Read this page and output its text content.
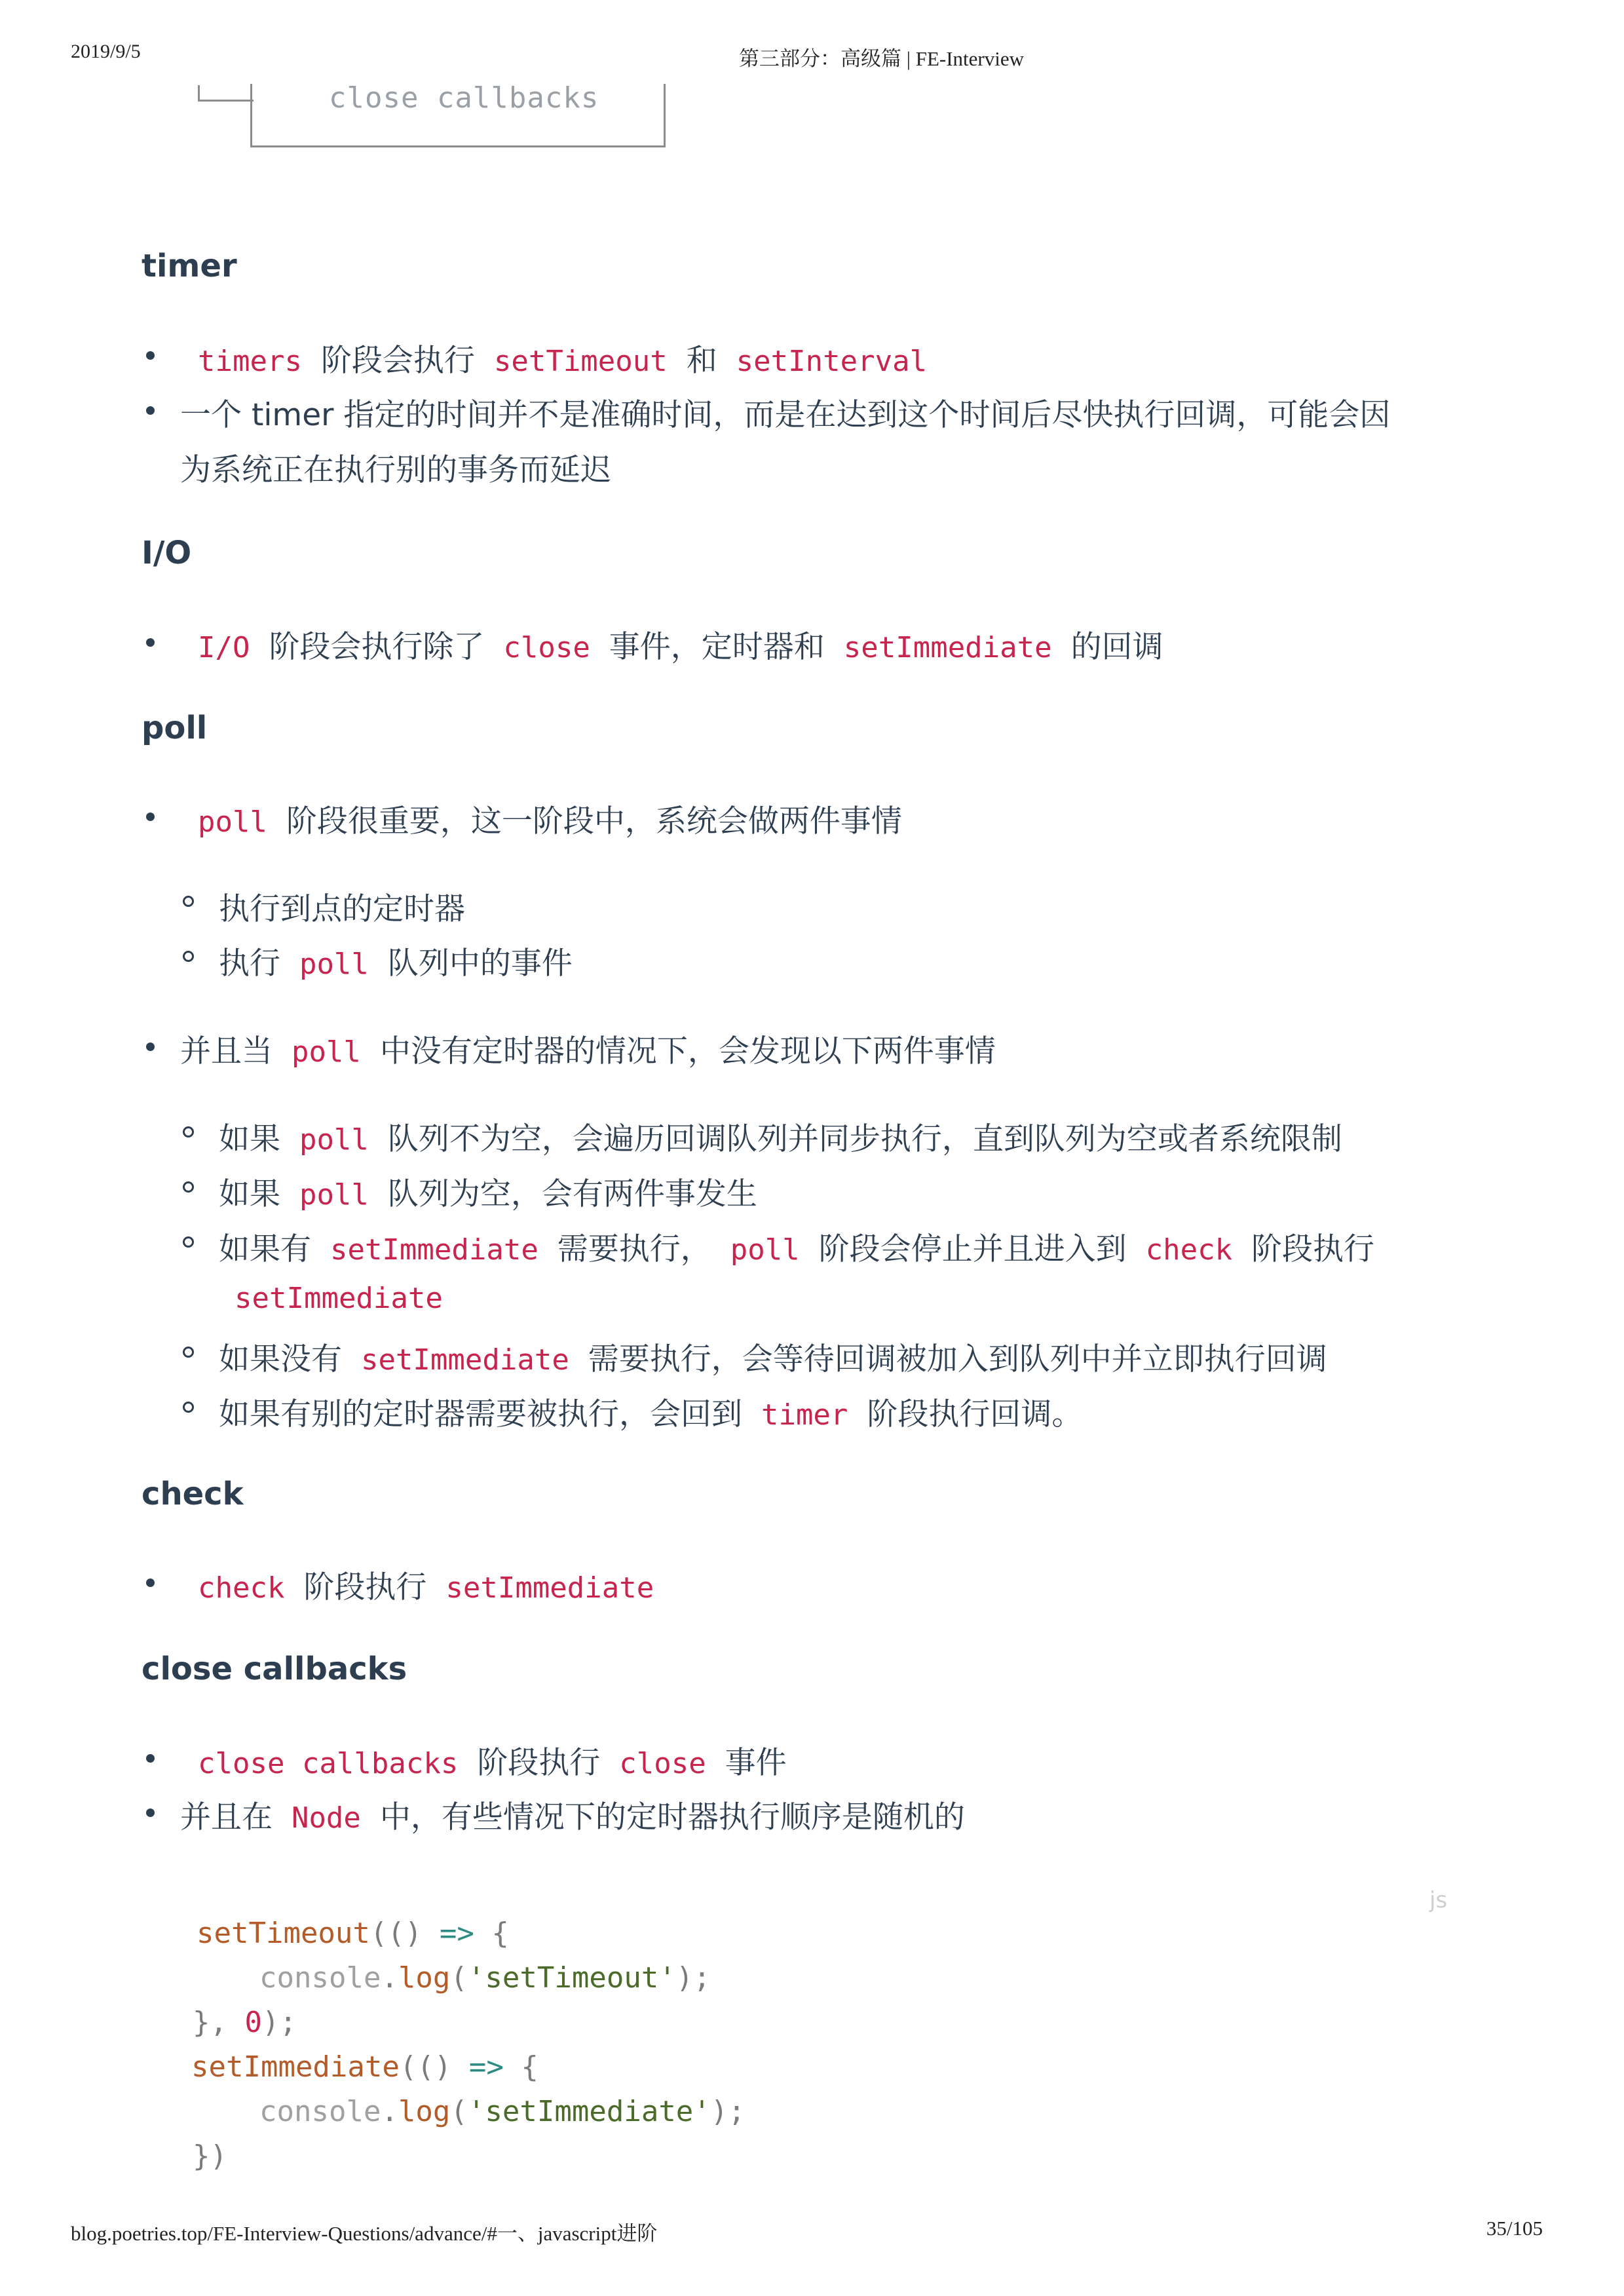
2019/9/5	第三部分：高级篇 | FE-Interview
blog.poetries.top/FE-Interview-Questions/advance/#一、javascript进阶	35/105
close callbacks
timer
timers 阶段会执行 setTimeout 和 setInterval
一个 timer 指定的时间并不是准确时间，而是在达到这个时间后尽快执行回调，可能会因
为系统正在执行别的事务而延迟
I/O
I/O 阶段会执行除了 close 事件，定时器和 setImmediate 的回调
poll
poll 阶段很重要，这一阶段中，系统会做两件事情
执行到点的定时器
执行 poll 队列中的事件
并且当 poll 中没有定时器的情况下，会发现以下两件事情
如果 poll 队列不为空，会遍历回调队列并同步执行，直到队列为空或者系统限制
如果 poll 队列为空，会有两件事发生
如果有 setImmediate 需要执行， poll 阶段会停止并且进入到 check 阶段执行
setImmediate
如果没有 setImmediate 需要执行，会等待回调被加入到队列中并立即执行回调
如果有别的定时器需要被执行，会回到 timer 阶段执行回调。
check
check 阶段执行 setImmediate
close callbacks
close callbacks 阶段执行 close 事件
并且在 Node 中，有些情况下的定时器执行顺序是随机的
js
setTimeout(() => {
console.log('setTimeout');
}, 0);
setImmediate(() => {
console.log('setImmediate');
})
